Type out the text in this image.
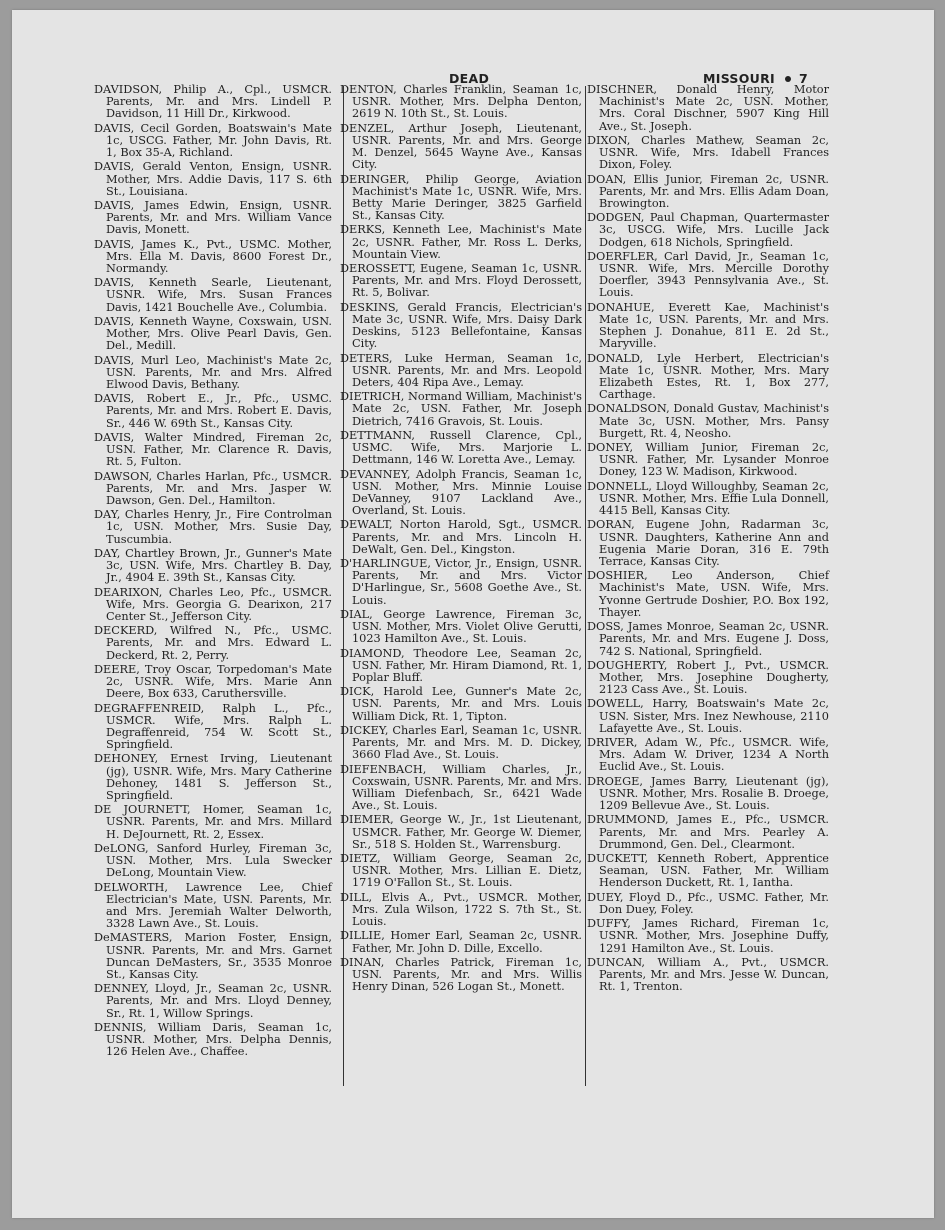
DEAD	MISSOURI 7

DAVIDSON, Philip A., Cpl., USMCR. Parents, Mr. and Mrs. Lindell P. Davidson, 11 Hill Dr., Kirkwood.

DAVIS, Cecil Gorden, Boatswain's Mate 1c, USCG. Father, Mr. John Davis, Rt. 1, Box 35-A, Richland.

DAVIS, Gerald Venton, Ensign, USNR. Mother, Mrs. Addie Davis, 117 S. 6th St., Louisiana.

DAVIS, James Edwin, Ensign, USNR. Parents, Mr. and Mrs. William Vance Davis, Monett.

DAVIS, James K., Pvt., USMC. Mother, Mrs. Ella M. Davis, 8600 Forest Dr., Normandy.

DAVIS, Kenneth Searle, Lieutenant, USNR. Wife, Mrs. Susan Frances Davis, 1421 Bouchelle Ave., Columbia.

DAVIS, Kenneth Wayne, Coxswain, USN. Mother, Mrs. Olive Pearl Davis, Gen. Del., Medill.

DAVIS, Murl Leo, Machinist's Mate 2c, USN. Parents, Mr. and Mrs. Alfred Elwood Davis, Bethany.

DAVIS, Robert E., Jr., Pfc., USMC. Parents, Mr. and Mrs. Robert E. Davis, Sr., 446 W. 69th St., Kansas City.

DAVIS, Walter Mindred, Fireman 2c, USN. Father, Mr. Clarence R. Davis, Rt. 5, Fulton.

DAWSON, Charles Harlan, Pfc., USMCR. Parents, Mr. and Mrs. Jasper W. Dawson, Gen. Del., Hamilton.

DAY, Charles Henry, Jr., Fire Controlman 1c, USN. Mother, Mrs. Susie Day, Tuscumbia.

DAY, Chartley Brown, Jr., Gunner's Mate 3c, USN. Wife, Mrs. Chartley B. Day, Jr., 4904 E. 39th St., Kansas City.

DEARIXON, Charles Leo, Pfc., USMCR. Wife, Mrs. Georgia G. Dearixon, 217 Center St., Jefferson City.

DECKERD, Wilfred N., Pfc., USMC. Parents, Mr. and Mrs. Edward L. Deckerd, Rt. 2, Perry.

DEERE, Troy Oscar, Torpedoman's Mate 2c, USNR. Wife, Mrs. Marie Ann Deere, Box 633, Caruthersville.

DEGRAFFENREID, Ralph L., Pfc., USMCR. Wife, Mrs. Ralph L. Degraffenreid, 754 W. Scott St., Springfield.

DEHONEY, Ernest Irving, Lieutenant (jg), USNR. Wife, Mrs. Mary Catherine Dehoney, 1481 S. Jefferson St., Springfield.

DE JOURNETT, Homer, Seaman 1c, USNR. Parents, Mr. and Mrs. Millard H. DeJournett, Rt. 2, Essex.

DeLONG, Sanford Hurley, Fireman 3c, USN. Mother, Mrs. Lula Swecker DeLong, Mountain View.

DELWORTH, Lawrence Lee, Chief Electrician's Mate, USN. Parents, Mr. and Mrs. Jeremiah Walter Delworth, 3328 Lawn Ave., St. Louis.

DeMASTERS, Marion Foster, Ensign, USNR. Parents, Mr. and Mrs. Garnet Duncan DeMasters, Sr., 3535 Monroe St., Kansas City.

DENNEY, Lloyd, Jr., Seaman 2c, USNR. Parents, Mr. and Mrs. Lloyd Denney, Sr., Rt. 1, Willow Springs.

DENNIS, William Daris, Seaman 1c, USNR. Mother, Mrs. Delpha Dennis, 126 Helen Ave., Chaffee.

DENTON, Charles Franklin, Seaman 1c, USNR. Mother, Mrs. Delpha Denton, 2619 N. 10th St., St. Louis.

DENZEL, Arthur Joseph, Lieutenant, USNR. Parents, Mr. and Mrs. George M. Denzel, 5645 Wayne Ave., Kansas City.

DERINGER, Philip George, Aviation Machinist's Mate 1c, USNR. Wife, Mrs. Betty Marie Deringer, 3825 Garfield St., Kansas City.

DERKS, Kenneth Lee, Machinist's Mate 2c, USNR. Father, Mr. Ross L. Derks, Mountain View.

DEROSSETT, Eugene, Seaman 1c, USNR. Parents, Mr. and Mrs. Floyd Derossett, Rt. 5, Bolivar.

DESKINS, Gerald Francis, Electrician's Mate 3c, USNR. Wife, Mrs. Daisy Dark Deskins, 5123 Bellefontaine, Kansas City.

DETERS, Luke Herman, Seaman 1c, USNR. Parents, Mr. and Mrs. Leopold Deters, 404 Ripa Ave., Lemay.

DIETRICH, Normand William, Machinist's Mate 2c, USN. Father, Mr. Joseph Dietrich, 7416 Gravois, St. Louis.

DETTMANN, Russell Clarence, Cpl., USMC. Wife, Mrs. Marjorie L. Dettmann, 146 W. Loretta Ave., Lemay.

DEVANNEY, Adolph Francis, Seaman 1c, USN. Mother, Mrs. Minnie Louise DeVanney, 9107 Lackland Ave., Overland, St. Louis.

DEWALT, Norton Harold, Sgt., USMCR. Parents, Mr. and Mrs. Lincoln H. DeWalt, Gen. Del., Kingston.

D'HARLINGUE, Victor, Jr., Ensign, USNR. Parents, Mr. and Mrs. Victor D'Harlingue, Sr., 5608 Goethe Ave., St. Louis.

DIAL, George Lawrence, Fireman 3c, USN. Mother, Mrs. Violet Olive Gerutti, 1023 Hamilton Ave., St. Louis.

DIAMOND, Theodore Lee, Seaman 2c, USN. Father, Mr. Hiram Diamond, Rt. 1, Poplar Bluff.

DICK, Harold Lee, Gunner's Mate 2c, USN. Parents, Mr. and Mrs. Louis William Dick, Rt. 1, Tipton.

DICKEY, Charles Earl, Seaman 1c, USNR. Parents, Mr. and Mrs. M. D. Dickey, 3660 Flad Ave., St. Louis.

DIEFENBACH, William Charles, Jr., Coxswain, USNR. Parents, Mr. and Mrs. William Diefenbach, Sr., 6421 Wade Ave., St. Louis.

DIEMER, George W., Jr., 1st Lieutenant, USMCR. Father, Mr. George W. Diemer, Sr., 518 S. Holden St., Warrensburg.

DIETZ, William George, Seaman 2c, USNR. Mother, Mrs. Lillian E. Dietz, 1719 O'Fallon St., St. Louis.

DILL, Elvis A., Pvt., USMCR. Mother, Mrs. Zula Wilson, 1722 S. 7th St., St. Louis.

DILLIE, Homer Earl, Seaman 2c, USNR. Father, Mr. John D. Dille, Excello.

DINAN, Charles Patrick, Fireman 1c, USN. Parents, Mr. and Mrs. Willis Henry Dinan, 526 Logan St., Monett.

DISCHNER, Donald Henry, Motor Machinist's Mate 2c, USN. Mother, Mrs. Coral Dischner, 5907 King Hill Ave., St. Joseph.

DIXON, Charles Mathew, Seaman 2c, USNR. Wife, Mrs. Idabell Frances Dixon, Foley.

DOAN, Ellis Junior, Fireman 2c, USNR. Parents, Mr. and Mrs. Ellis Adam Doan, Browington.

DODGEN, Paul Chapman, Quartermaster 3c, USCG. Wife, Mrs. Lucille Jack Dodgen, 618 Nichols, Springfield.

DOERFLER, Carl David, Jr., Seaman 1c, USNR. Wife, Mrs. Mercille Dorothy Doerfler, 3943 Pennsylvania Ave., St. Louis.

DONAHUE, Everett Kae, Machinist's Mate 1c, USN. Parents, Mr. and Mrs. Stephen J. Donahue, 811 E. 2d St., Maryville.

DONALD, Lyle Herbert, Electrician's Mate 1c, USNR. Mother, Mrs. Mary Elizabeth Estes, Rt. 1, Box 277, Carthage.

DONALDSON, Donald Gustav, Machinist's Mate 3c, USN. Mother, Mrs. Pansy Burgett, Rt. 4, Neosho.

DONEY, William Junior, Fireman 2c, USNR. Father, Mr. Lysander Monroe Doney, 123 W. Madison, Kirkwood.

DONNELL, Lloyd Willoughby, Seaman 2c, USNR. Mother, Mrs. Effie Lula Donnell, 4415 Bell, Kansas City.

DORAN, Eugene John, Radarman 3c, USNR. Daughters, Katherine Ann and Eugenia Marie Doran, 316 E. 79th Terrace, Kansas City.

DOSHIER, Leo Anderson, Chief Machinist's Mate, USN. Wife, Mrs. Yvonne Gertrude Doshier, P.O. Box 192, Thayer.

DOSS, James Monroe, Seaman 2c, USNR. Parents, Mr. and Mrs. Eugene J. Doss, 742 S. National, Springfield.

DOUGHERTY, Robert J., Pvt., USMCR. Mother, Mrs. Josephine Dougherty, 2123 Cass Ave., St. Louis.

DOWELL, Harry, Boatswain's Mate 2c, USN. Sister, Mrs. Inez Newhouse, 2110 Lafayette Ave., St. Louis.

DRIVER, Adam W., Pfc., USMCR. Wife, Mrs. Adam W. Driver, 1234 A North Euclid Ave., St. Louis.

DROEGE, James Barry, Lieutenant (jg), USNR. Mother, Mrs. Rosalie B. Droege, 1209 Bellevue Ave., St. Louis.

DRUMMOND, James E., Pfc., USMCR. Parents, Mr. and Mrs. Pearley A. Drummond, Gen. Del., Clearmont.

DUCKETT, Kenneth Robert, Apprentice Seaman, USN. Father, Mr. William Henderson Duckett, Rt. 1, Iantha.

DUEY, Floyd D., Pfc., USMC. Father, Mr. Don Duey, Foley.

DUFFY, James Richard, Fireman 1c, USNR. Mother, Mrs. Josephine Duffy, 1291 Hamilton Ave., St. Louis.

DUNCAN, William A., Pvt., USMCR. Parents, Mr. and Mrs. Jesse W. Duncan, Rt. 1, Trenton.
